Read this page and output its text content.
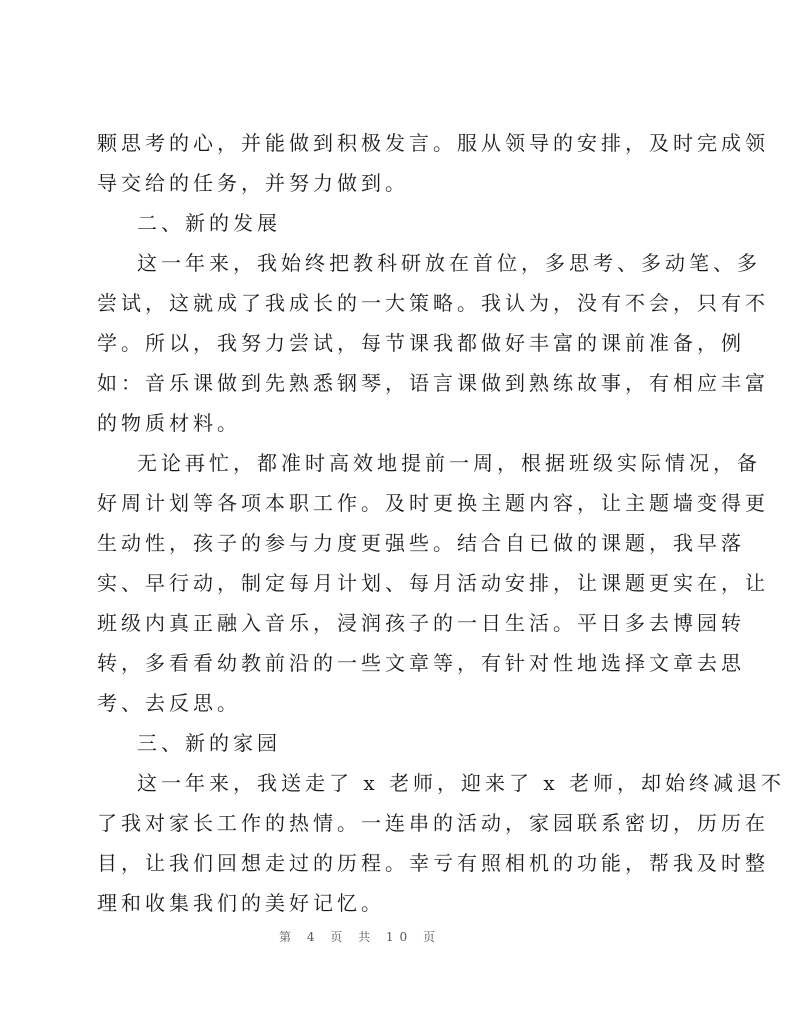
颗思考的心，并能做到积极发言。服从领导的安排，及时完成领
导交给的任务，并努力做到。
二、新的发展
这一年来，我始终把教科研放在首位，多思考、多动笔、多
尝试，这就成了我成长的一大策略。我认为，没有不会，只有不
学。所以，我努力尝试，每节课我都做好丰富的课前准备，例
如：音乐课做到先熟悉钢琴，语言课做到熟练故事，有相应丰富
的物质材料。
无论再忙，都准时高效地提前一周，根据班级实际情况，备
好周计划等各项本职工作。及时更换主题内容，让主题墙变得更
生动性，孩子的参与力度更强些。结合自已做的课题，我早落
实、早行动，制定每月计划、每月活动安排，让课题更实在，让
班级内真正融入音乐，浸润孩子的一日生活。平日多去博园转
转，多看看幼教前沿的一些文章等，有针对性地选择文章去思
考、去反思。
三、新的家园
这一年来，我送走了 x 老师，迎来了 x 老师，却始终减退不
了我对家长工作的热情。一连串的活动，家园联系密切，历历在
目，让我们回想走过的历程。幸亏有照相机的功能，帮我及时整
理和收集我们的美好记忆。
第 4 页 共 10 页
